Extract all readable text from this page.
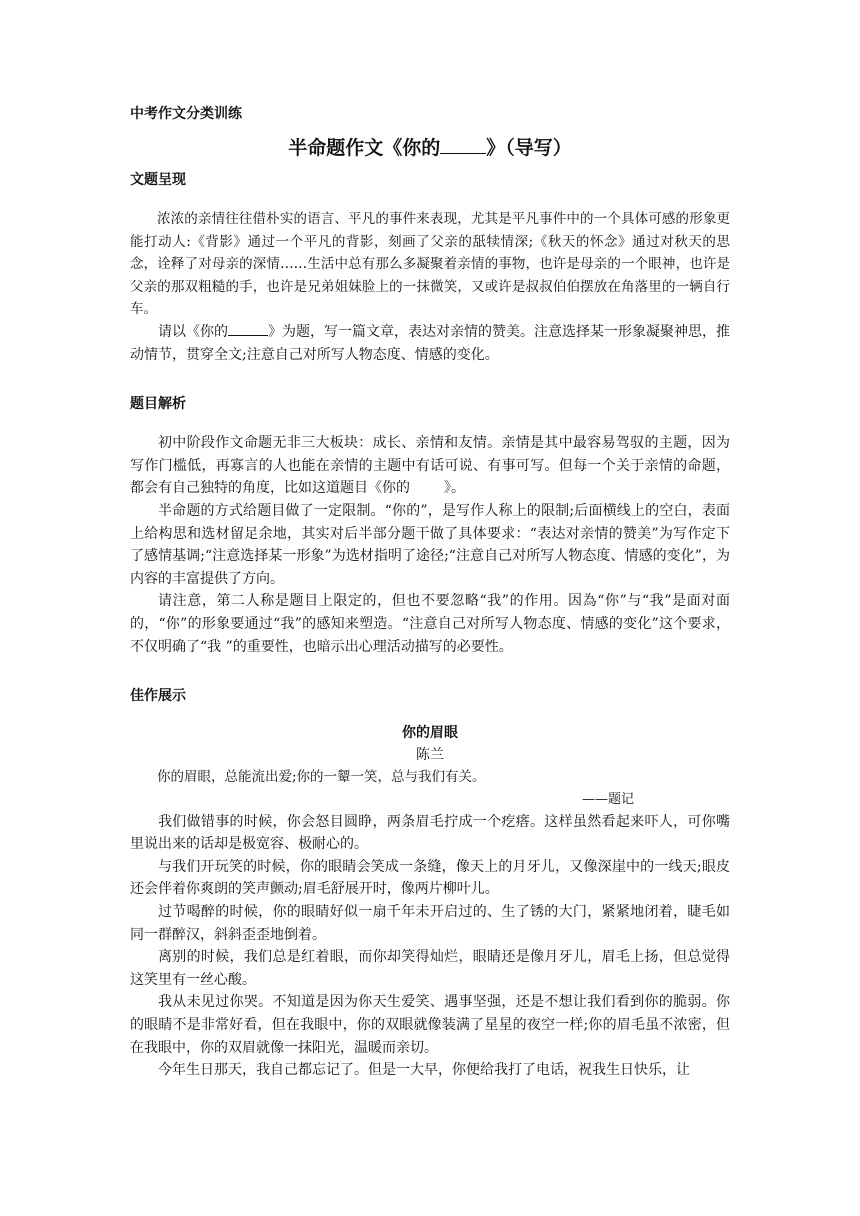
中考作文分类训练
半命题作文《你的 》（导写）
文题呈现

浓浓的亲情往往借朴实的语言、平凡的事件来表现，尤其是平凡事件中的一个具体可感的形象更能打动人:《背影》通过一个平凡的背影，刻画了父亲的舐犊情深;《秋天的怀念》通过对秋天的思念，诠释了对母亲的深情……生活中总有那么多凝聚着亲情的事物，也许是母亲的一个眼神，也许是父亲的那双粗糙的手，也许是兄弟姐妹脸上的一抹微笑，又或许是叔叔伯伯摆放在角落里的一辆自行车。

请以《你的	》为题，写一篇文章，表达对亲情的赞美。注意选择某一形象凝聚神思，推动情节，贯穿全文;注意自己对所写人物态度、情感的变化。

题目解析

初中阶段作文命题无非三大板块：成长、亲情和友情。亲情是其中最容易驾驭的主题，因为写作门槛低，再寡言的人也能在亲情的主题中有话可说、有事可写。但每一个关于亲情的命题，都会有自己独特的角度，比如这道题目《你的 》。

半命题的方式给题目做了一定限制。“你的”，是写作人称上的限制;后面横线上的空白，表面上给构思和选材留足余地，其实对后半部分题干做了具体要求：“表达对亲情的赞美”为写作定下了感情基调;“注意选择某一形象”为选材指明了途径;“注意自己对所写人物态度、情感的变化”，为内容的丰富提供了方向。

请注意，第二人称是题目上限定的，但也不要忽略“我”的作用。因為“你”与“我”是面对面的，“你”的形象要通过“我”的感知来塑造。“注意自己对所写人物态度、情感的变化”这个要求，不仅明确了“我 ”的重要性，也暗示出心理活动描写的必要性。

佳作展示
你的眉眼
陈兰

你的眉眼，总能流出爱;你的一颦一笑，总与我们有关。

——题记

我们做错事的时候，你会怒目圆睁，两条眉毛拧成一个疙瘩。这样虽然看起来吓人，可你嘴里说出来的话却是极宽容、极耐心的。

与我们开玩笑的时候，你的眼睛会笑成一条缝，像天上的月牙儿，又像深崖中的一线天;眼皮还会伴着你爽朗的笑声颤动;眉毛舒展开时，像两片柳叶儿。

过节喝醉的时候，你的眼睛好似一扇千年未开启过的、生了锈的大门，紧紧地闭着，睫毛如同一群醉汉，斜斜歪歪地倒着。

离别的时候，我们总是红着眼，而你却笑得灿烂，眼睛还是像月牙儿，眉毛上扬，但总觉得这笑里有一丝心酸。

我从未见过你哭。不知道是因为你天生爱笑、遇事坚强，还是不想让我们看到你的脆弱。你的眼睛不是非常好看，但在我眼中，你的双眼就像装满了星星的夜空一样;你的眉毛虽不浓密，但在我眼中，你的双眉就像一抹阳光，温暖而亲切。

今年生日那天，我自己都忘记了。但是一大早，你便给我打了电话，祝我生日快乐，让
